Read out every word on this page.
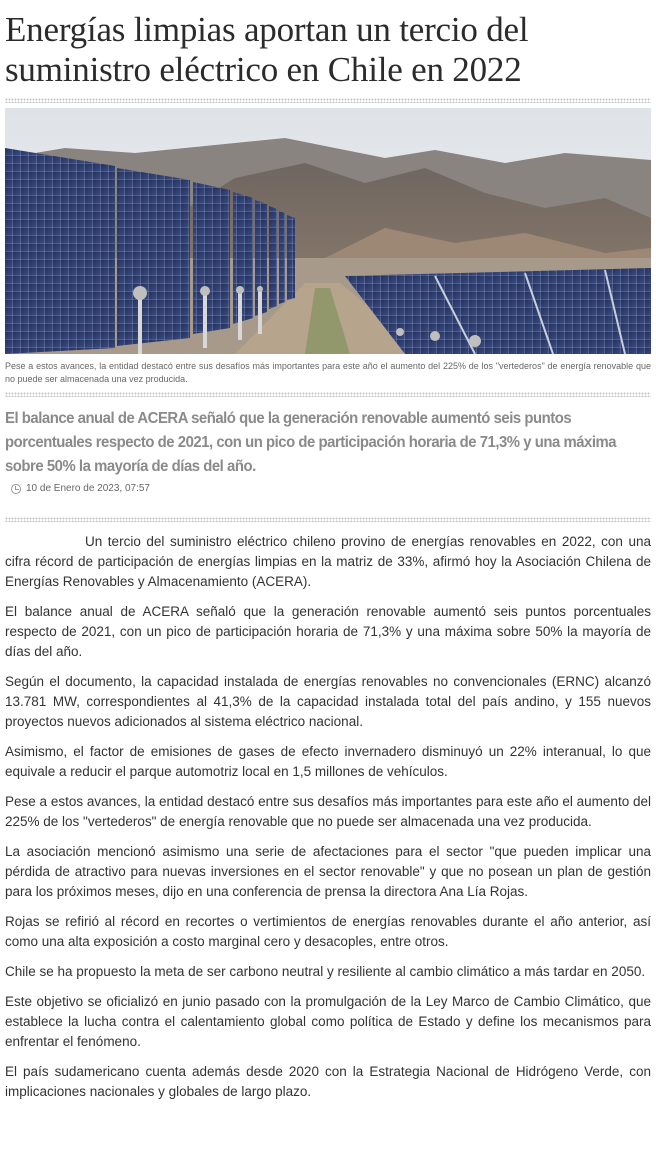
Energías limpias aportan un tercio del suministro eléctrico en Chile en 2022
Pese a estos avances, la entidad destacó entre sus desafíos más importantes para este año el aumento del 225% de los "vertederos" de energía renovable que no puede ser almacenada una vez producida.
El balance anual de ACERA señaló que la generación renovable aumentó seis puntos porcentuales respecto de 2021, con un pico de participación horaria de 71,3% y una máxima sobre 50% la mayoría de días del año.
10 de Enero de 2023, 07:57

Un tercio del suministro eléctrico chileno provino de energías renovables en 2022, con una cifra récord de participación de energías limpias en la matriz de 33%, afirmó hoy la Asociación Chilena de Energías Renovables y Almacenamiento (ACERA).

El balance anual de ACERA señaló que la generación renovable aumentó seis puntos porcentuales respecto de 2021, con un pico de participación horaria de 71,3% y una máxima sobre 50% la mayoría de días del año.

Según el documento, la capacidad instalada de energías renovables no convencionales (ERNC) alcanzó 13.781 MW, correspondientes al 41,3% de la capacidad instalada total del país andino, y 155 nuevos proyectos nuevos adicionados al sistema eléctrico nacional.

Asimismo, el factor de emisiones de gases de efecto invernadero disminuyó un 22% interanual, lo que equivale a reducir el parque automotriz local en 1,5 millones de vehículos.

Pese a estos avances, la entidad destacó entre sus desafíos más importantes para este año el aumento del 225% de los "vertederos" de energía renovable que no puede ser almacenada una vez producida.

La asociación mencionó asimismo una serie de afectaciones para el sector "que pueden implicar una pérdida de atractivo para nuevas inversiones en el sector renovable" y que no posean un plan de gestión para los próximos meses, dijo en una conferencia de prensa la directora Ana Lía Rojas.

Rojas se refirió al récord en recortes o vertimientos de energías renovables durante el año anterior, así como una alta exposición a costo marginal cero y desacoples, entre otros.

Chile se ha propuesto la meta de ser carbono neutral y resiliente al cambio climático a más tardar en 2050.

Este objetivo se oficializó en junio pasado con la promulgación de la Ley Marco de Cambio Climático, que establece la lucha contra el calentamiento global como política de Estado y define los mecanismos para enfrentar el fenómeno.

El país sudamericano cuenta además desde 2020 con la Estrategia Nacional de Hidrógeno Verde, con implicaciones nacionales y globales de largo plazo.
